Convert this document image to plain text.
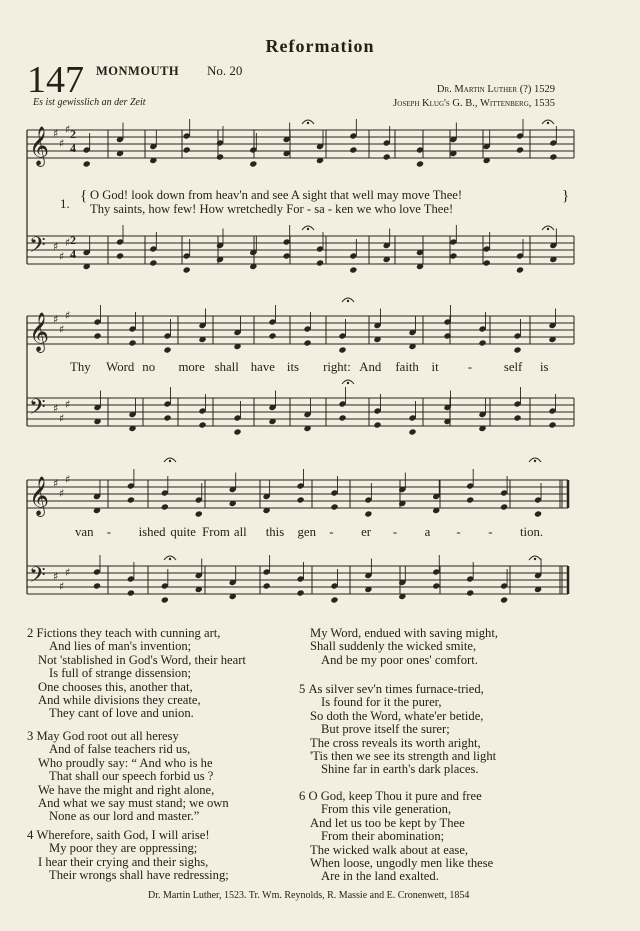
Reformation
147 MONMOUTH No. 20
Es ist gewisslich an der Zeit
Dr. Martin Luther (?) 1529
Joseph Klug's G. B., Wittenberg, 1535
𝄞 ♯
♯
♯
𝄢 ♯
♯
♯
2
4
2
4
𝄞 ♯
♯
♯
𝄢 ♯
♯
♯
𝄞 ♯
♯
♯
𝄢 ♯
♯
♯
1. { O God! look down from heav'n and see A sight that well may move Thee!
Thy saints, how few! How wretchedly For - sa - ken we who love Thee!
}
Thy Word no more shall have its right: And faith it - self is
van - ished quite From all this gen - er - a - - tion.
2 Fictions they teach with cunning art,
And lies of man's invention;
Not 'stablished in God's Word, their heart
Is full of strange dissension;
One chooses this, another that,
And while divisions they create,
They cant of love and union.
3 May God root out all heresy
And of false teachers rid us,
Who proudly say: “ And who is he
That shall our speech forbid us ?
We have the might and right alone,
And what we say must stand; we own
None as our lord and master.”
4 Wherefore, saith God, I will arise!
My poor they are oppressing;
I hear their crying and their sighs,
Their wrongs shall have redressing;
My Word, endued with saving might,
Shall suddenly the wicked smite,
And be my poor ones' comfort.
5 As silver sev'n times furnace-tried,
Is found for it the purer,
So doth the Word, whate'er betide,
But prove itself the surer;
The cross reveals its worth aright,
'Tis then we see its strength and light
Shine far in earth's dark places.
6 O God, keep Thou it pure and free
From this vile generation,
And let us too be kept by Thee
From their abomination;
The wicked walk about at ease,
When loose, ungodly men like these
Are in the land exalted.
Dr. Martin Luther, 1523. Tr. Wm. Reynolds, R. Massie and E. Cronenwett, 1854
